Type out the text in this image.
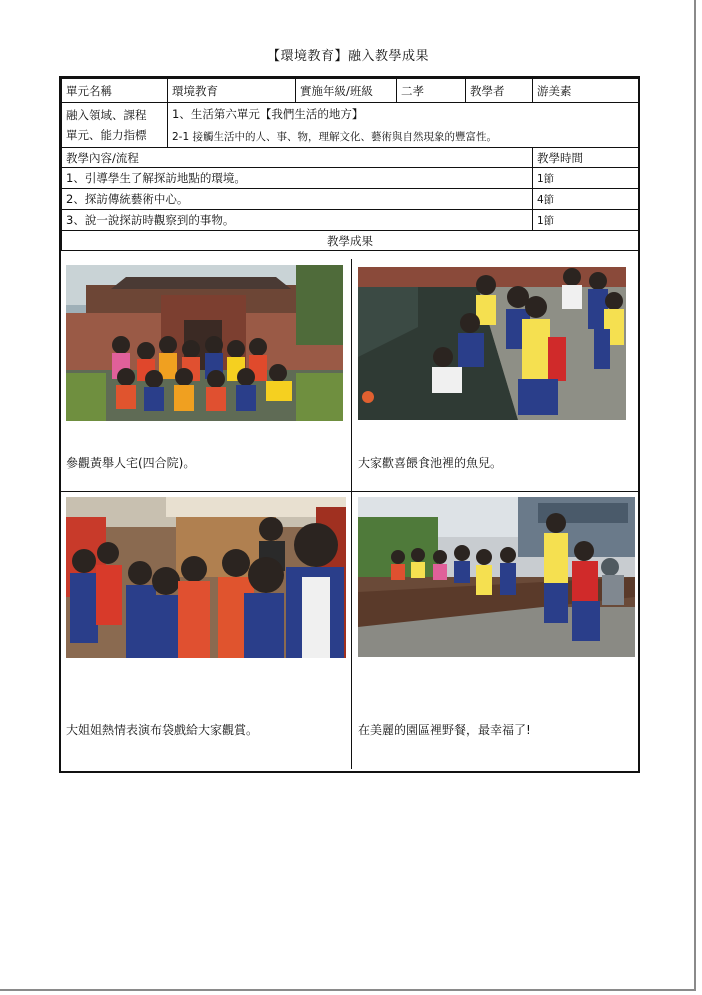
【環境教育】融入教學成果
單元名稱	環境教育	實施年級/班級	二孝	教學者	游美素

融入領域、課程
單元、能力指標	1、生活第六單元【我們生活的地方】				
	2-1 接觸生活中的人、事、物，理解文化、藝術與自然現象的豐富性。				
教學內容/流程					教學時間
1、引導學生了解探訪地點的環境。					1節
2、探訪傳統藝術中心。					4節
3、說一說探訪時觀察到的事物。					1節
教學成果					
參觀黃舉人宅(四合院)。	大家歡喜餵食池裡的魚兒。
大姐姐熱情表演布袋戲給大家觀賞。	在美麗的園區裡野餐，最幸福了!
